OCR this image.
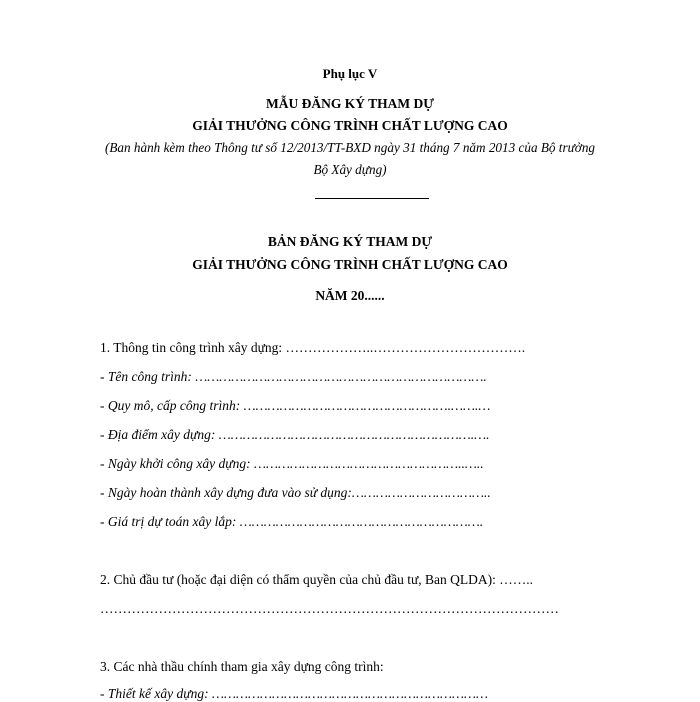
Phụ lục V
MẪU ĐĂNG KÝ THAM DỰ
GIẢI THƯỞNG CÔNG TRÌNH CHẤT LƯỢNG CAO
(Ban hành kèm theo Thông tư số 12/2013/TT-BXD ngày 31 tháng 7 năm 2013 của Bộ trưởng
Bộ Xây dựng)
BẢN ĐĂNG KÝ THAM DỰ
GIẢI THƯỞNG CÔNG TRÌNH CHẤT LƯỢNG CAO
NĂM 20......
1. Thông tin công trình xây dựng: ………………..…………………………….
- Tên công trình: ……………………………………………………………….
- Quy mô, cấp công trình: …………………………………………….…….…
- Địa điểm xây dựng: ……………………………………………………….….
- Ngày khởi công xây dựng: ……………………………………………..…..
- Ngày hoàn thành xây dựng đưa vào sử dụng:……………………………..
- Giá trị dự toán xây lắp: …………………………………………………….
2. Chủ đầu tư (hoặc đại diện có thẩm quyền của chủ đầu tư, Ban QLDA): ……..
…………………………………………………………………………………………
3. Các nhà thầu chính tham gia xây dựng công trình:
- Thiết kế xây dựng: ……………………………………………………………
